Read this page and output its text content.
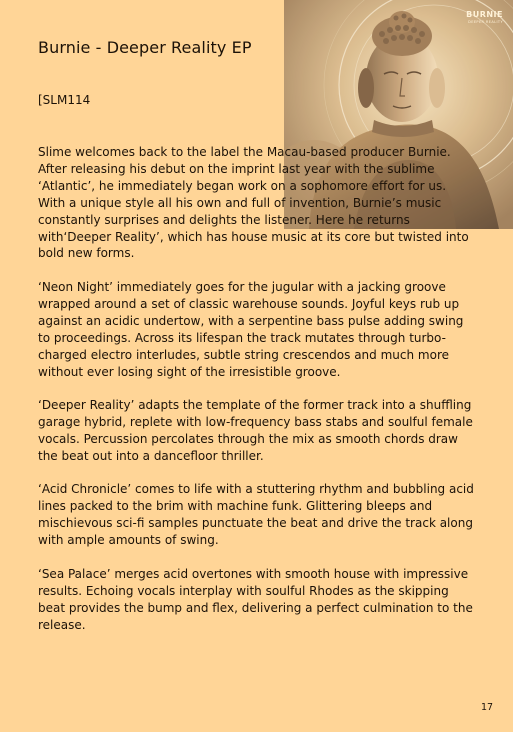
BURNIE
DEEPER REALITY
Burnie - Deeper Reality EP
[SLM114

Slime welcomes back to the label the Macau-based producer Burnie. After releasing his debut on the imprint last year with the sublime ‘Atlantic’, he immediately began work on a sophomore effort for us. With a unique style all his own and full of invention, Burnie’s music constantly surprises and delights the listener. Here he returns with‘Deeper Reality’, which has house music at its core but twisted into bold new forms.

‘Neon Night’ immediately goes for the jugular with a jacking groove wrapped around a set of classic warehouse sounds. Joyful keys rub up against an acidic undertow, with a serpentine bass pulse adding swing to proceedings. Across its lifespan the track mutates through turbo-charged electro interludes, subtle string crescendos and much more without ever losing sight of the irresistible groove.

‘Deeper Reality’ adapts the template of the former track into a shuffling garage hybrid, replete with low-frequency bass stabs and soulful female vocals. Percussion percolates through the mix as smooth chords draw the beat out into a dancefloor thriller.

‘Acid Chronicle’ comes to life with a stuttering rhythm and bubbling acid lines packed to the brim with machine funk. Glittering bleeps and mischievous sci-fi samples punctuate the beat and drive the track along with ample amounts of swing.

‘Sea Palace’ merges acid overtones with smooth house with impressive results. Echoing vocals interplay with soulful Rhodes as the skipping beat provides the bump and flex, delivering a perfect culmination to the release.

17
